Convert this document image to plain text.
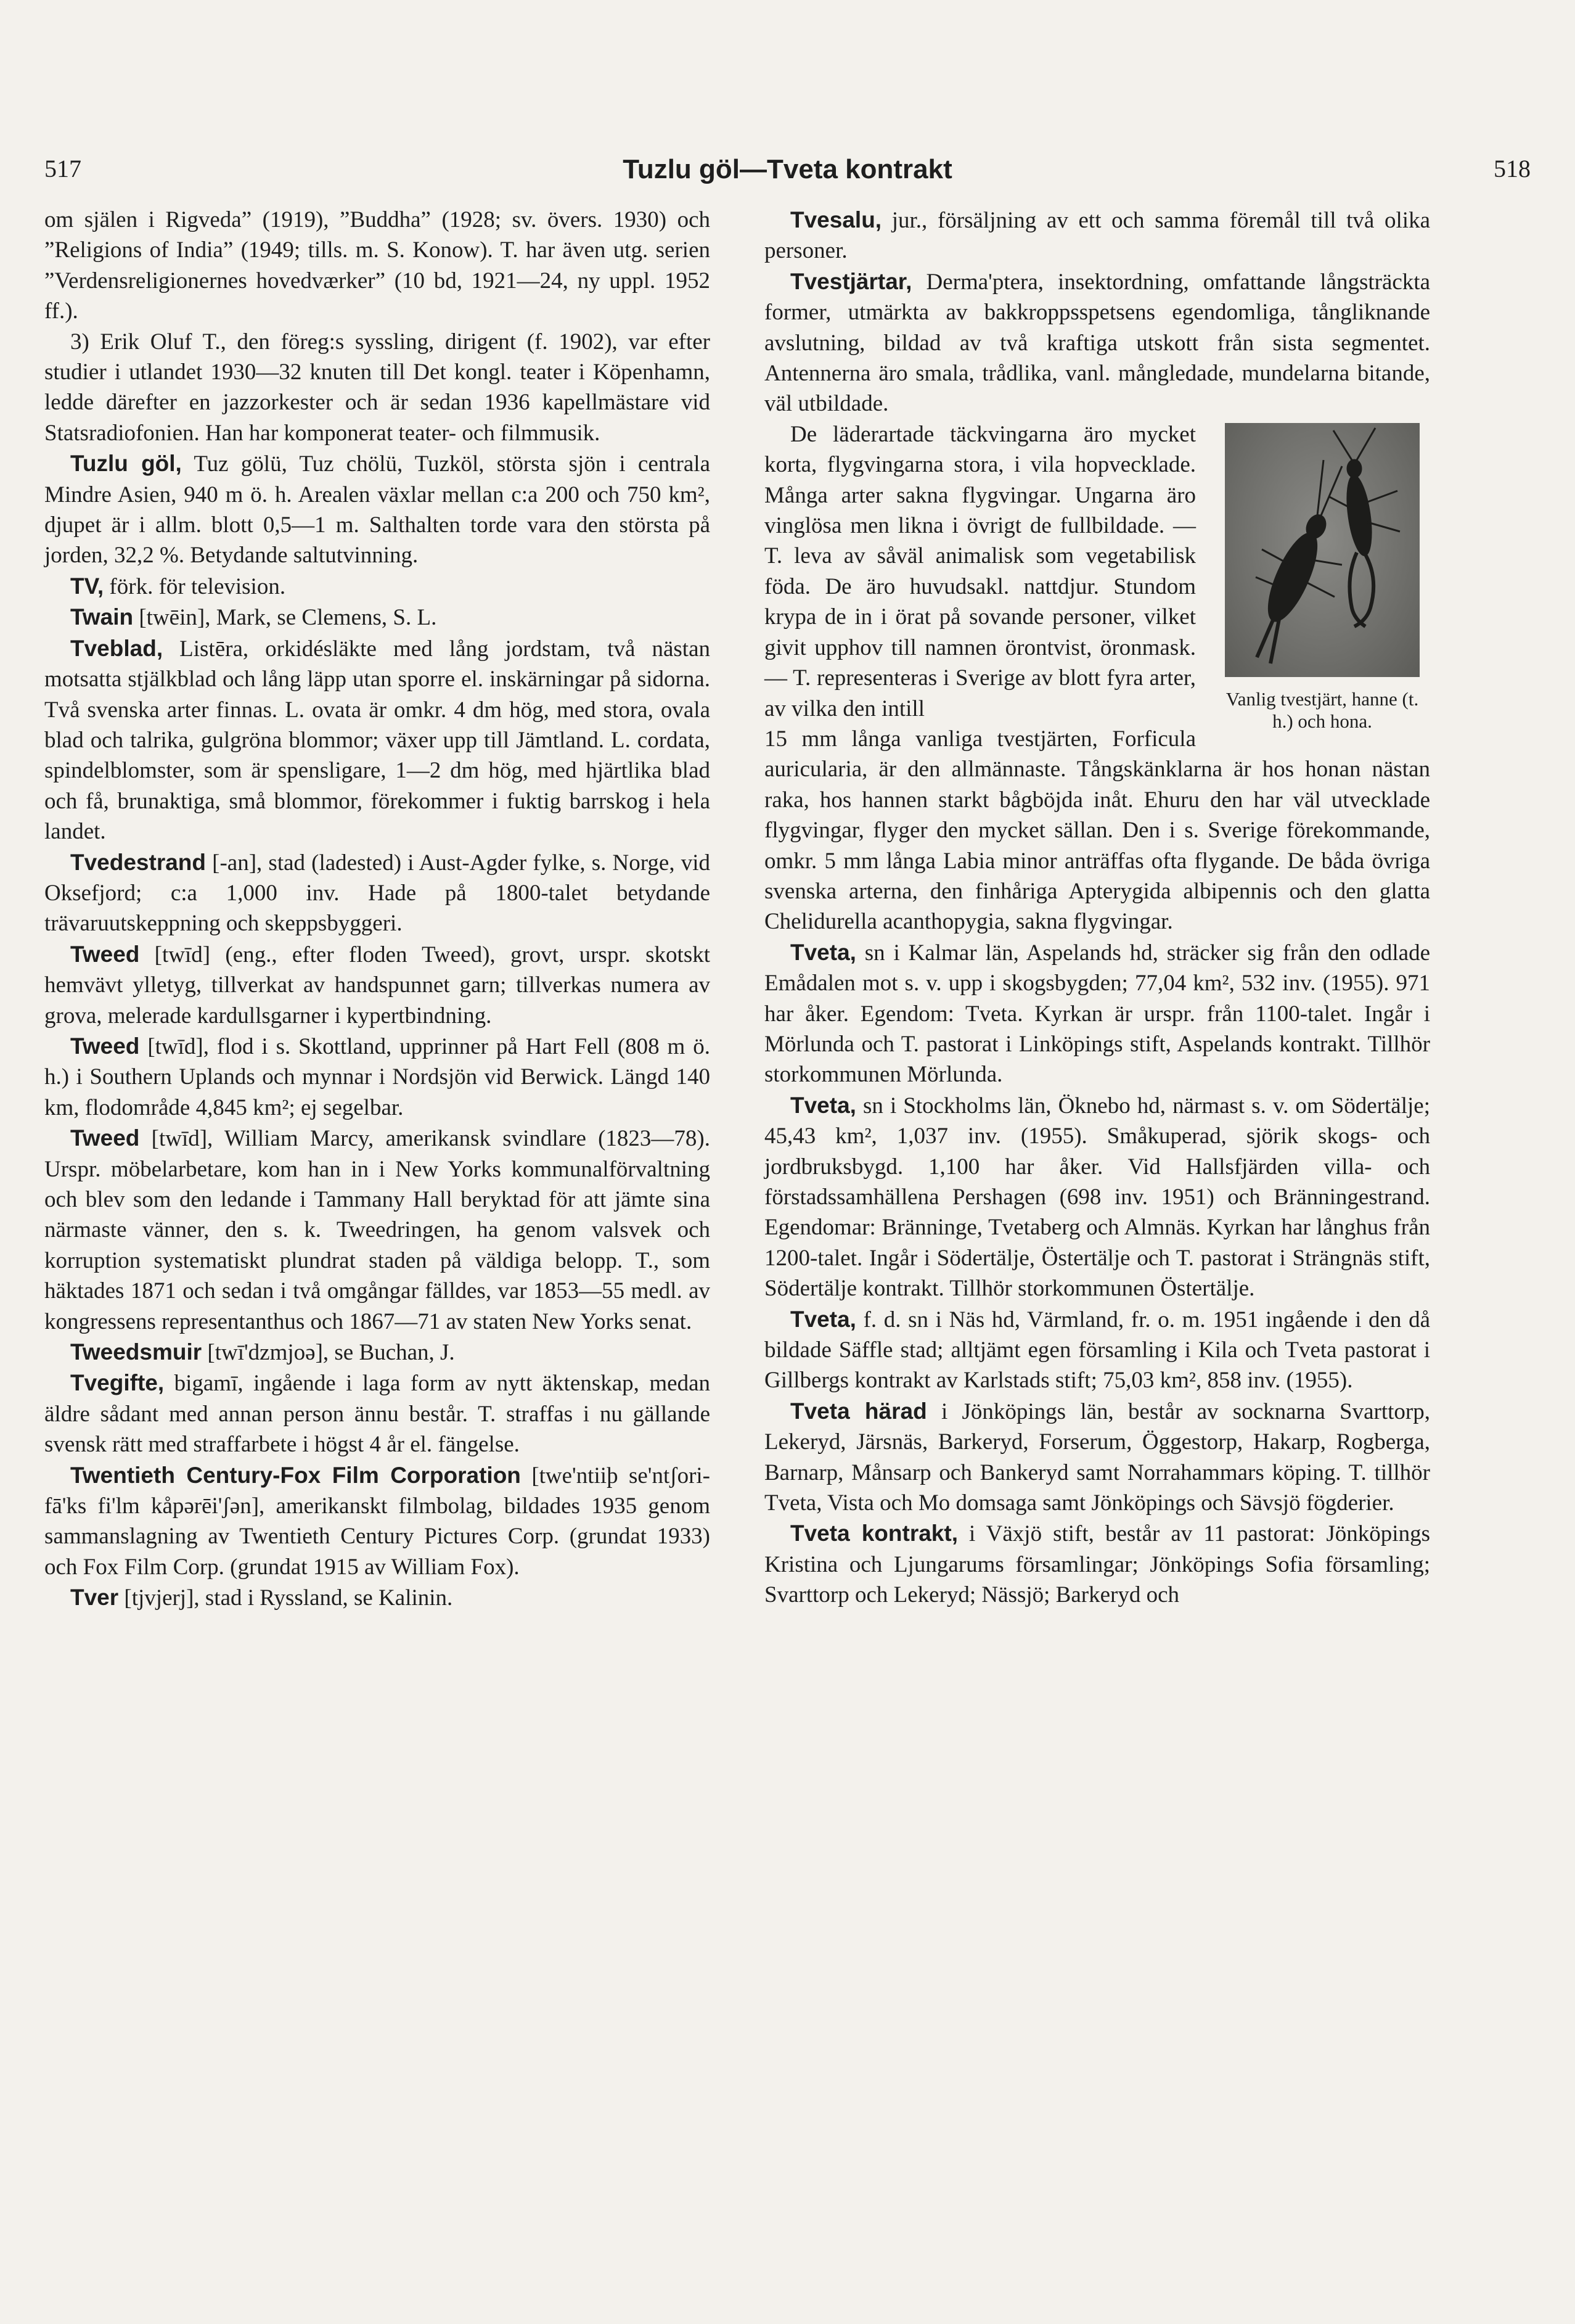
517	Tuzlu göl—Tveta kontrakt	518

om själen i Rigveda” (1919), ”Buddha” (1928; sv. övers. 1930) och ”Religions of India” (1949; tills. m. S. Konow). T. har även utg. serien ”Verdensreligionernes hovedværker” (10 bd, 1921—24, ny uppl. 1952 ff.).

3) Erik Oluf T., den föreg:s syssling, dirigent (f. 1902), var efter studier i utlandet 1930—32 knuten till Det kongl. teater i Köpenhamn, ledde därefter en jazzorkester och är sedan 1936 kapellmästare vid Statsradiofonien. Han har komponerat teater- och filmmusik.

Tuzlu göl, Tuz gölü, Tuz chölü, Tuzköl, största sjön i centrala Mindre Asien, 940 m ö. h. Arealen växlar mellan c:a 200 och 750 km², djupet är i allm. blott 0,5—1 m. Salthalten torde vara den största på jorden, 32,2 %. Betydande saltutvinning.

TV, förk. för television.

Twain [twēin], Mark, se Clemens, S. L.

Tveblad, Listēra, orkidésläkte med lång jordstam, två nästan motsatta stjälkblad och lång läpp utan sporre el. inskärningar på sidorna. Två svenska arter finnas. L. ovata är omkr. 4 dm hög, med stora, ovala blad och talrika, gulgröna blommor; växer upp till Jämtland. L. cordata, spindelblomster, som är spensligare, 1—2 dm hög, med hjärtlika blad och få, brunaktiga, små blommor, förekommer i fuktig barrskog i hela landet.

Tvedestrand [-an], stad (ladested) i Aust-Agder fylke, s. Norge, vid Oksefjord; c:a 1,000 inv. Hade på 1800-talet betydande trävaruutskeppning och skeppsbyggeri.

Tweed [twīd] (eng., efter floden Tweed), grovt, urspr. skotskt hemvävt ylletyg, tillverkat av handspunnet garn; tillverkas numera av grova, melerade kardullsgarner i kypertbindning.

Tweed [twīd], flod i s. Skottland, upprinner på Hart Fell (808 m ö. h.) i Southern Uplands och mynnar i Nordsjön vid Berwick. Längd 140 km, flodområde 4,845 km²; ej segelbar.

Tweed [twīd], William Marcy, amerikansk svindlare (1823—78). Urspr. möbelarbetare, kom han in i New Yorks kommunalförvaltning och blev som den ledande i Tammany Hall beryktad för att jämte sina närmaste vänner, den s. k. Tweedringen, ha genom valsvek och korruption systematiskt plundrat staden på väldiga belopp. T., som häktades 1871 och sedan i två omgångar fälldes, var 1853—55 medl. av kongressens representanthus och 1867—71 av staten New Yorks senat.

Tweedsmuir [twī'dzmjoə], se Buchan, J.

Tvegifte, bigamī, ingående i laga form av nytt äktenskap, medan äldre sådant med annan person ännu består. T. straffas i nu gällande svensk rätt med straffarbete i högst 4 år el. fängelse.

Twentieth Century-Fox Film Corporation [twe'ntiiþ se'ntʃori-fā'ks fi'lm kåpərēi'ʃən], amerikanskt filmbolag, bildades 1935 genom sammanslagning av Twentieth Century Pictures Corp. (grundat 1933) och Fox Film Corp. (grundat 1915 av William Fox).

Tver [tjvjerj], stad i Ryssland, se Kalinin.

Tvesalu, jur., försäljning av ett och samma föremål till två olika personer.

Tvestjärtar, Derma'ptera, insektordning, omfattande långsträckta former, utmärkta av bakkroppsspetsens egendomliga, tångliknande avslutning, bildad av två kraftiga utskott från sista segmentet. Antennerna äro smala, trådlika, vanl. mångledade, mundelarna bitande, väl utbildade.

Vanlig tvestjärt, hanne (t. h.) och hona.

De läderartade täckvingarna äro mycket korta, flygvingarna stora, i vila hopvecklade. Många arter sakna flygvingar. Ungarna äro vinglösa men likna i övrigt de fullbildade. — T. leva av såväl animalisk som vegetabilisk föda. De äro huvudsakl. nattdjur. Stundom krypa de in i örat på sovande personer, vilket givit upphov till namnen örontvist, öronmask. — T. representeras i Sverige av blott fyra arter, av vilka den intill

15 mm långa vanliga tvestjärten, Forficula auricularia, är den allmännaste. Tångskänklarna är hos honan nästan raka, hos hannen starkt bågböjda inåt. Ehuru den har väl utvecklade flygvingar, flyger den mycket sällan. Den i s. Sverige förekommande, omkr. 5 mm långa Labia minor anträffas ofta flygande. De båda övriga svenska arterna, den finhåriga Apterygida albipennis och den glatta Chelidurella acanthopygia, sakna flygvingar.

Tveta, sn i Kalmar län, Aspelands hd, sträcker sig från den odlade Emådalen mot s. v. upp i skogsbygden; 77,04 km², 532 inv. (1955). 971 har åker. Egendom: Tveta. Kyrkan är urspr. från 1100-talet. Ingår i Mörlunda och T. pastorat i Linköpings stift, Aspelands kontrakt. Tillhör storkommunen Mörlunda.

Tveta, sn i Stockholms län, Öknebo hd, närmast s. v. om Södertälje; 45,43 km², 1,037 inv. (1955). Småkuperad, sjörik skogs- och jordbruksbygd. 1,100 har åker. Vid Hallsfjärden villa- och förstadssamhällena Pershagen (698 inv. 1951) och Bränningestrand. Egendomar: Bränninge, Tvetaberg och Almnäs. Kyrkan har långhus från 1200-talet. Ingår i Södertälje, Östertälje och T. pastorat i Strängnäs stift, Södertälje kontrakt. Tillhör storkommunen Östertälje.

Tveta, f. d. sn i Näs hd, Värmland, fr. o. m. 1951 ingående i den då bildade Säffle stad; alltjämt egen församling i Kila och Tveta pastorat i Gillbergs kontrakt av Karlstads stift; 75,03 km², 858 inv. (1955).

Tveta härad i Jönköpings län, består av socknarna Svarttorp, Lekeryd, Järsnäs, Barkeryd, Forserum, Öggestorp, Hakarp, Rogberga, Barnarp, Månsarp och Bankeryd samt Norrahammars köping. T. tillhör Tveta, Vista och Mo domsaga samt Jönköpings och Sävsjö fögderier.

Tveta kontrakt, i Växjö stift, består av 11 pastorat: Jönköpings Kristina och Ljungarums församlingar; Jönköpings Sofia församling; Svarttorp och Lekeryd; Nässjö; Barkeryd och
